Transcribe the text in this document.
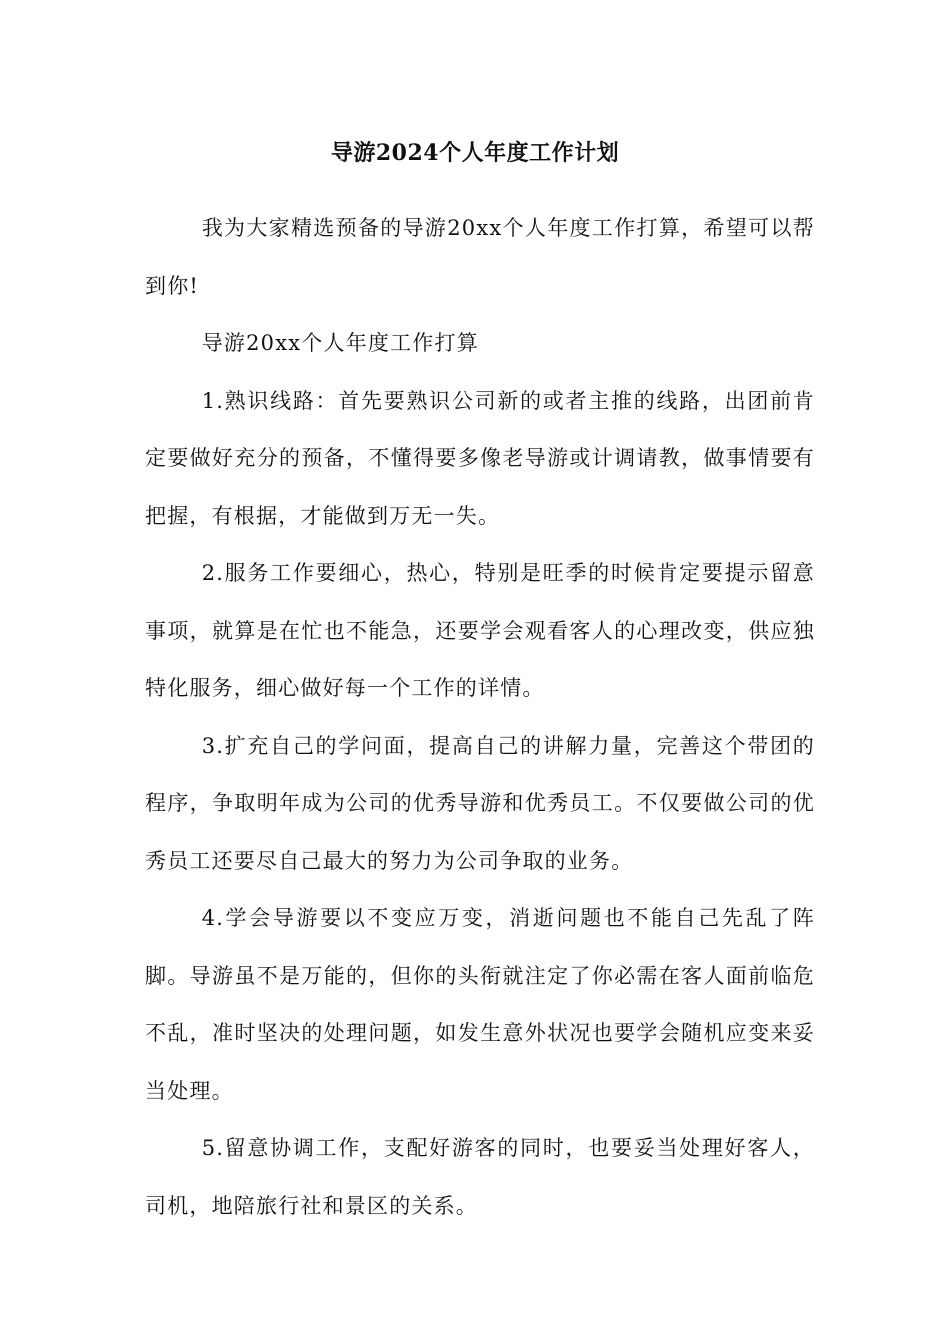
导游2024个人年度工作计划

我为大家精选预备的导游20xx个人年度工作打算，希望可以帮到你!

导游20xx个人年度工作打算

1.熟识线路：首先要熟识公司新的或者主推的线路，出团前肯定要做好充分的预备，不懂得要多像老导游或计调请教，做事情要有把握，有根据，才能做到万无一失。

2.服务工作要细心，热心，特别是旺季的时候肯定要提示留意事项，就算是在忙也不能急，还要学会观看客人的心理改变，供应独特化服务，细心做好每一个工作的详情。

3.扩充自己的学问面，提高自己的讲解力量，完善这个带团的程序，争取明年成为公司的优秀导游和优秀员工。不仅要做公司的优秀员工还要尽自己最大的努力为公司争取的业务。

4.学会导游要以不变应万变，消逝问题也不能自己先乱了阵脚。导游虽不是万能的，但你的头衔就注定了你必需在客人面前临危不乱，准时坚决的处理问题，如发生意外状况也要学会随机应变来妥当处理。

5.留意协调工作，支配好游客的同时，也要妥当处理好客人，司机，地陪旅行社和景区的关系。
